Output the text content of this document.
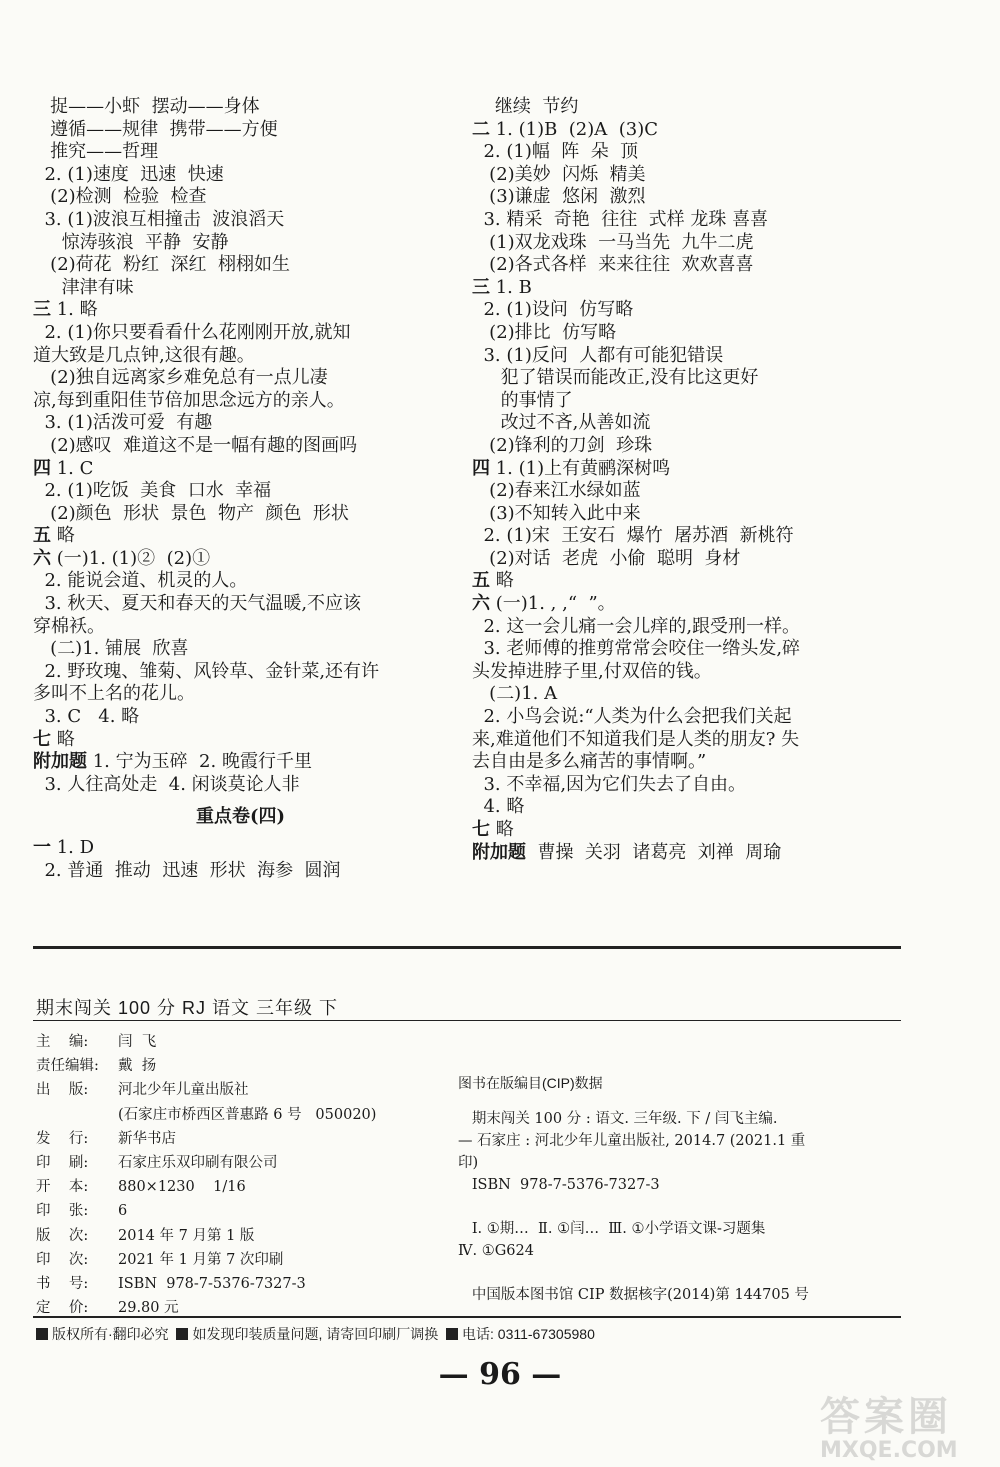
捉——小虾  摆动——身体
遵循——规律  携带——方便
推究——哲理
2. (1)速度  迅速  快速
(2)检测  检验  检查
3. (1)波浪互相撞击  波浪滔天
惊涛骇浪  平静  安静
(2)荷花  粉红  深红  栩栩如生
津津有味
三 1. 略
2. (1)你只要看看什么花刚刚开放,就知
道大致是几点钟,这很有趣。
(2)独自远离家乡难免总有一点儿凄
凉,每到重阳佳节倍加思念远方的亲人。
3. (1)活泼可爱  有趣
(2)感叹  难道这不是一幅有趣的图画吗
四 1. C
2. (1)吃饭  美食  口水  幸福
(2)颜色  形状  景色  物产  颜色  形状
五 略
六 (一)1. (1)②  (2)①
2. 能说会道、机灵的人。
3. 秋天、夏天和春天的天气温暖,不应该
穿棉袄。
(二)1. 铺展  欣喜
2. 野玫瑰、雏菊、风铃草、金针菜,还有许
多叫不上名的花儿。
3. C   4. 略
七 略
附加题 1. 宁为玉碎  2. 晚霞行千里
3. 人往高处走  4. 闲谈莫论人非
重点卷(四)
一 1. D
2. 普通  推动  迅速  形状  海参  圆润
继续  节约
二 1. (1)B  (2)A  (3)C
2. (1)幅  阵  朵  顶
(2)美妙  闪烁  精美
(3)谦虚  悠闲  激烈
3. 精采  奇艳  往往  式样 龙珠 喜喜
(1)双龙戏珠  一马当先  九牛二虎
(2)各式各样  来来往往  欢欢喜喜
三 1. B
2. (1)设问  仿写略
(2)排比  仿写略
3. (1)反问  人都有可能犯错误
犯了错误而能改正,没有比这更好
的事情了
改过不吝,从善如流
(2)锋利的刀剑  珍珠
四 1. (1)上有黄鹂深树鸣
(2)春来江水绿如蓝
(3)不知转入此中来
2. (1)宋  王安石  爆竹  屠苏酒  新桃符
(2)对话  老虎  小偷  聪明  身材
五 略
六 (一)1. , ,“  ”。
2. 这一会儿痛一会儿痒的,跟受刑一样。
3. 老师傅的推剪常常会咬住一绺头发,碎
头发掉进脖子里,付双倍的钱。
(二)1. A
2. 小鸟会说:“人类为什么会把我们关起
来,难道他们不知道我们是人类的朋友? 失
去自由是多么痛苦的事情啊。”
3. 不幸福,因为它们失去了自由。
4. 略
七 略
附加题  曹操  关羽  诸葛亮  刘禅  周瑜
期末闯关 100 分 RJ 语文 三年级 下
主    编: 闫  飞
责任编辑: 戴  扬
出    版: 河北少年儿童出版社
(石家庄市桥西区普惠路 6 号   050020)
发    行: 新华书店
印    刷: 石家庄乐双印刷有限公司
开    本: 880×1230    1/16
印    张: 6
版    次: 2014 年 7 月第 1 版
印    次: 2021 年 1 月第 7 次印刷
书    号: ISBN  978-7-5376-7327-3
定    价: 29.80 元
图书在版编目(CIP)数据
期末闯关 100 分 : 语文. 三年级. 下 / 闫飞主编.
— 石家庄 : 河北少年儿童出版社, 2014.7 (2021.1 重
印)
ISBN  978-7-5376-7327-3
Ⅰ. ①期…  Ⅱ. ①闫…  Ⅲ. ①小学语文课-习题集
Ⅳ. ①G624
中国版本图书馆 CIP 数据核字(2014)第 144705 号
版权所有·翻印必究 如发现印装质量问题, 请寄回印刷厂调换 电话: 0311-67305980
— 96 —
答案圈
MXQE.COM
